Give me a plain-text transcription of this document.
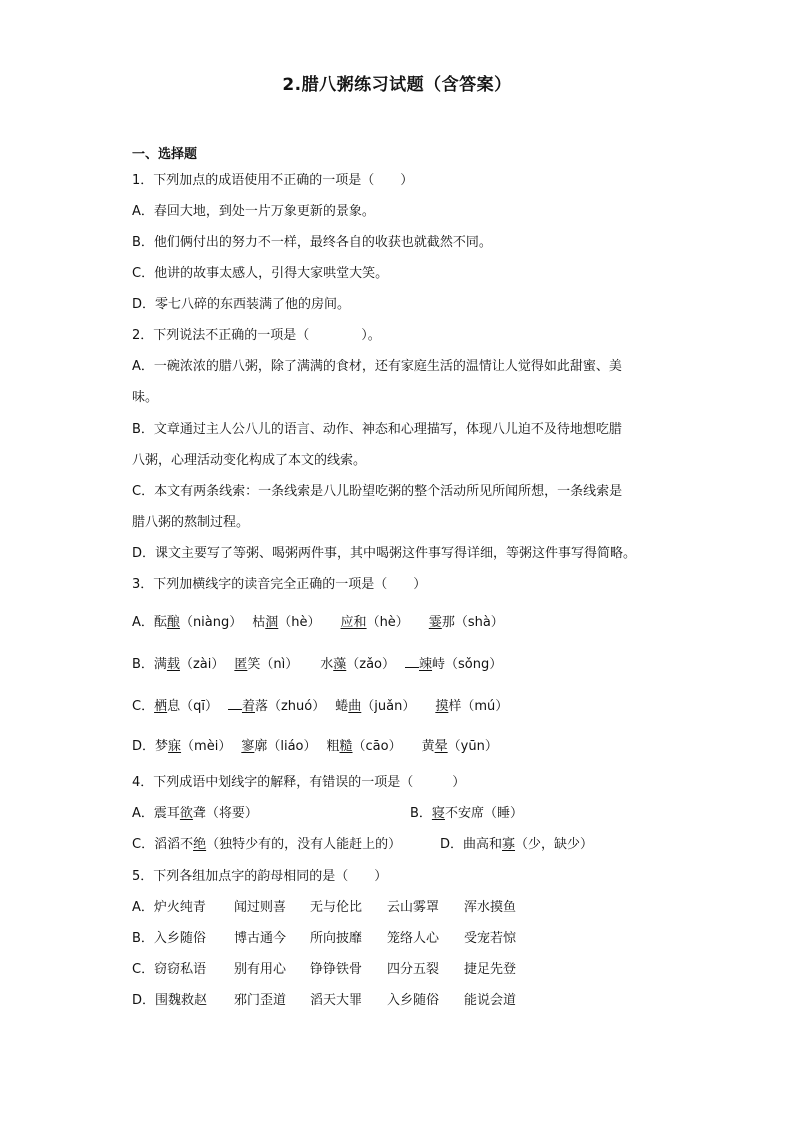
2.腊八粥练习试题（含答案）
一、选择题
1．下列加点的成语使用不正确的一项是（　　）
A．春回大地，到处一片万象更新的景象。
B．他们俩付出的努力不一样，最终各自的收获也就截然不同。
C．他讲的故事太感人，引得大家哄堂大笑。
D．零七八碎的东西装满了他的房间。
2．下列说法不正确的一项是（　　　　）。
A．一碗浓浓的腊八粥，除了满满的食材，还有家庭生活的温情让人觉得如此甜蜜、美
味。
B．文章通过主人公八儿的语言、动作、神态和心理描写，体现八儿迫不及待地想吃腊
八粥，心理活动变化构成了本文的线索。
C．本文有两条线索：一条线索是八儿盼望吃粥的整个活动所见所闻所想，一条线索是
腊八粥的熬制过程。
D．课文主要写了等粥、喝粥两件事，其中喝粥这件事写得详细，等粥这件事写得简略。
3．下列加横线字的读音完全正确的一项是（　　）
A．酝酿（niàng） 枯涸（hè） 应和（hè） 霎那（shà）
B．满载（zài） 匿笑（nì） 水藻（zǎo） 竦峙（sǒng）
C．栖息（qī） 着落（zhuó） 蜷曲（juǎn） 摸样（mú）
D．梦寐（mèi） 寥廓（liáo） 粗糙（cāo） 黄晕（yūn）
4．下列成语中划线字的解释，有错误的一项是（　　　）
A．震耳欲聋（将要）	B．寝不安席（睡）
C．滔滔不绝（独特少有的，没有人能赶上的）	D．曲高和寡（少，缺少）
5．下列各组加点字的韵母相同的是（　　）
A．炉火纯青 闻过则喜 无与伦比 云山雾罩 浑水摸鱼
B．入乡随俗 博古通今 所向披靡 笼络人心 受宠若惊
C．窃窃私语 别有用心 铮铮铁骨 四分五裂 捷足先登
D．围魏救赵 邪门歪道 滔天大罪 入乡随俗 能说会道
